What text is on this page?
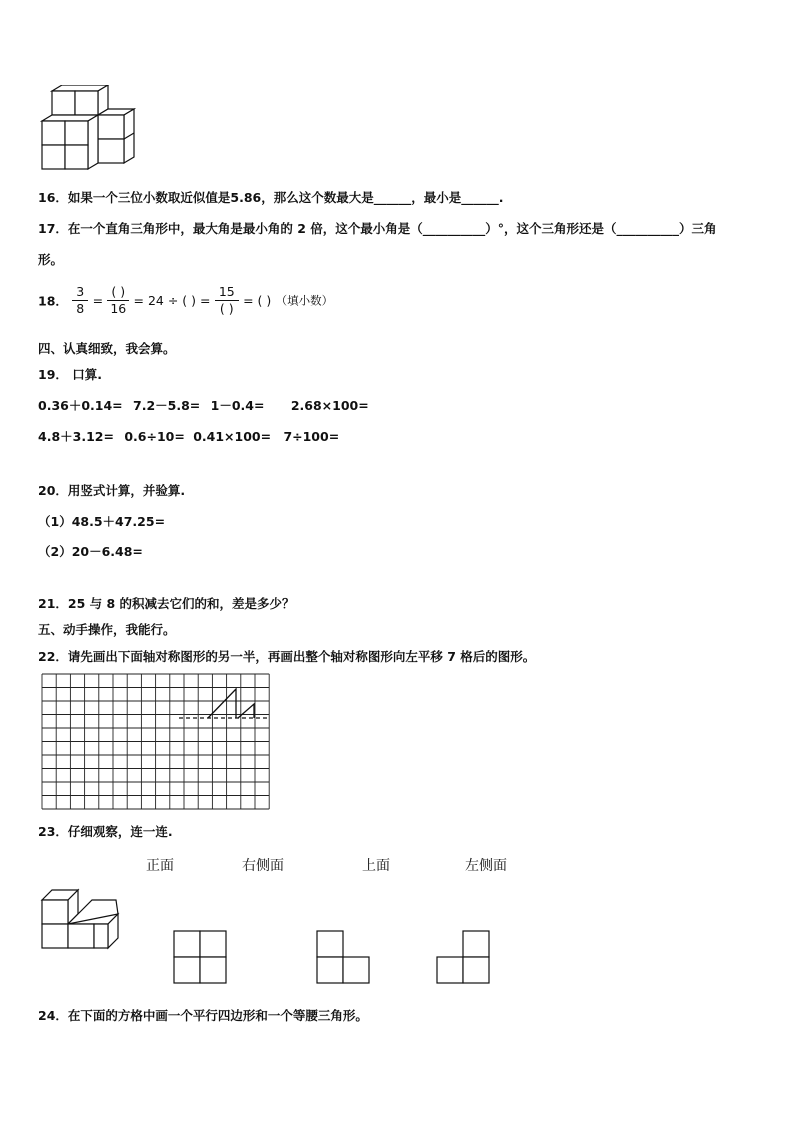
16．如果一个三位小数取近似值是5.86，那么这个数最大是______，最小是______.
17．在一个直角三角形中，最大角是最小角的 2 倍，这个最小角是（__________）°，这个三角形还是（__________）三角
形。
18． $\frac{3}{8} = \frac{( )}{16} = 24$ ÷ ( ) = $\frac{15}{( )}$ = ( ) （填小数）
四、认真细致，我会算。
19． 口算.
0.36＋0.14= 7.2－5.8= 1－0.4= 2.68×100=
4.8＋3.12= 0.6÷10= 0.41×100= 7÷100=
20．用竖式计算，并验算.
（1）48.5＋47.25=
（2）20－6.48=
21．25 与 8 的积减去它们的和，差是多少？
五、动手操作，我能行。
22．请先画出下面轴对称图形的另一半，再画出整个轴对称图形向左平移 7 格后的图形。
23．仔细观察，连一连.
正面	右侧面	上面	左侧面
24．在下面的方格中画一个平行四边形和一个等腰三角形。
